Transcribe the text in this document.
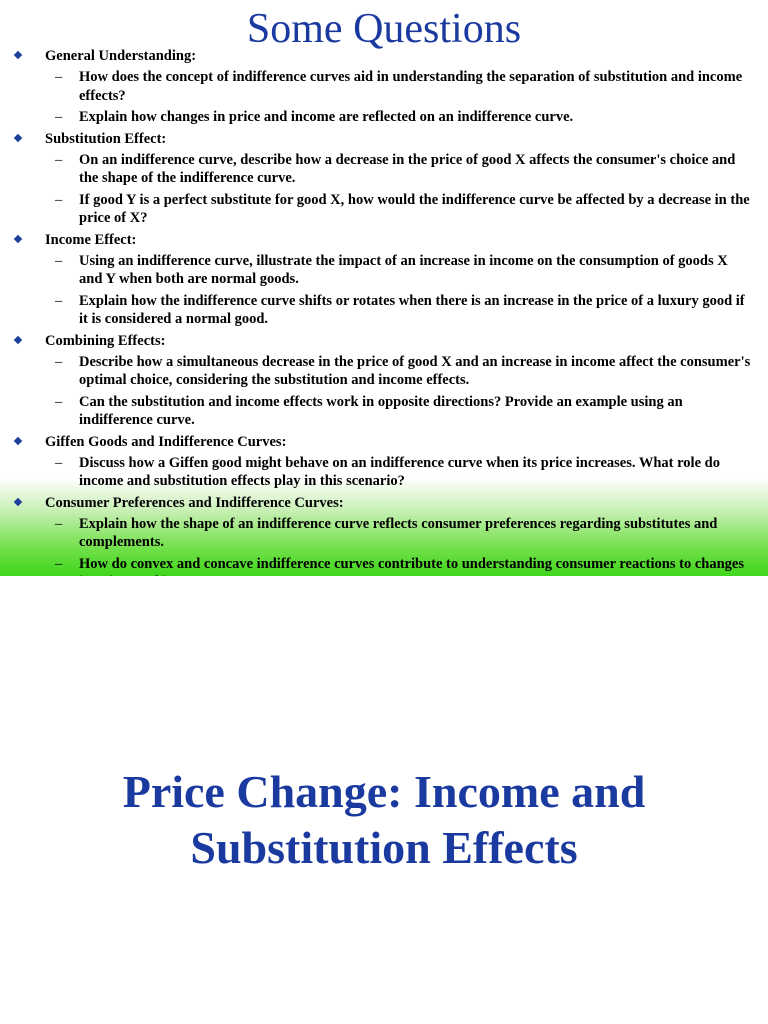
Some Questions
General Understanding:
– How does the concept of indifference curves aid in understanding the separation of substitution and income effects?
– Explain how changes in price and income are reflected on an indifference curve.
Substitution Effect:
– On an indifference curve, describe how a decrease in the price of good X affects the consumer's choice and the shape of the indifference curve.
– If good Y is a perfect substitute for good X, how would the indifference curve be affected by a decrease in the price of X?
Income Effect:
– Using an indifference curve, illustrate the impact of an increase in income on the consumption of goods X and Y when both are normal goods.
– Explain how the indifference curve shifts or rotates when there is an increase in the price of a luxury good if it is considered a normal good.
Combining Effects:
– Describe how a simultaneous decrease in the price of good X and an increase in income affect the consumer's optimal choice, considering the substitution and income effects.
– Can the substitution and income effects work in opposite directions? Provide an example using an indifference curve.
Giffen Goods and Indifference Curves:
– Discuss how a Giffen good might behave on an indifference curve when its price increases. What role do income and substitution effects play in this scenario?
Consumer Preferences and Indifference Curves:
– Explain how the shape of an indifference curve reflects consumer preferences regarding substitutes and complements.
– How do convex and concave indifference curves contribute to understanding consumer reactions to changes
Price Change: Income and Substitution Effects
